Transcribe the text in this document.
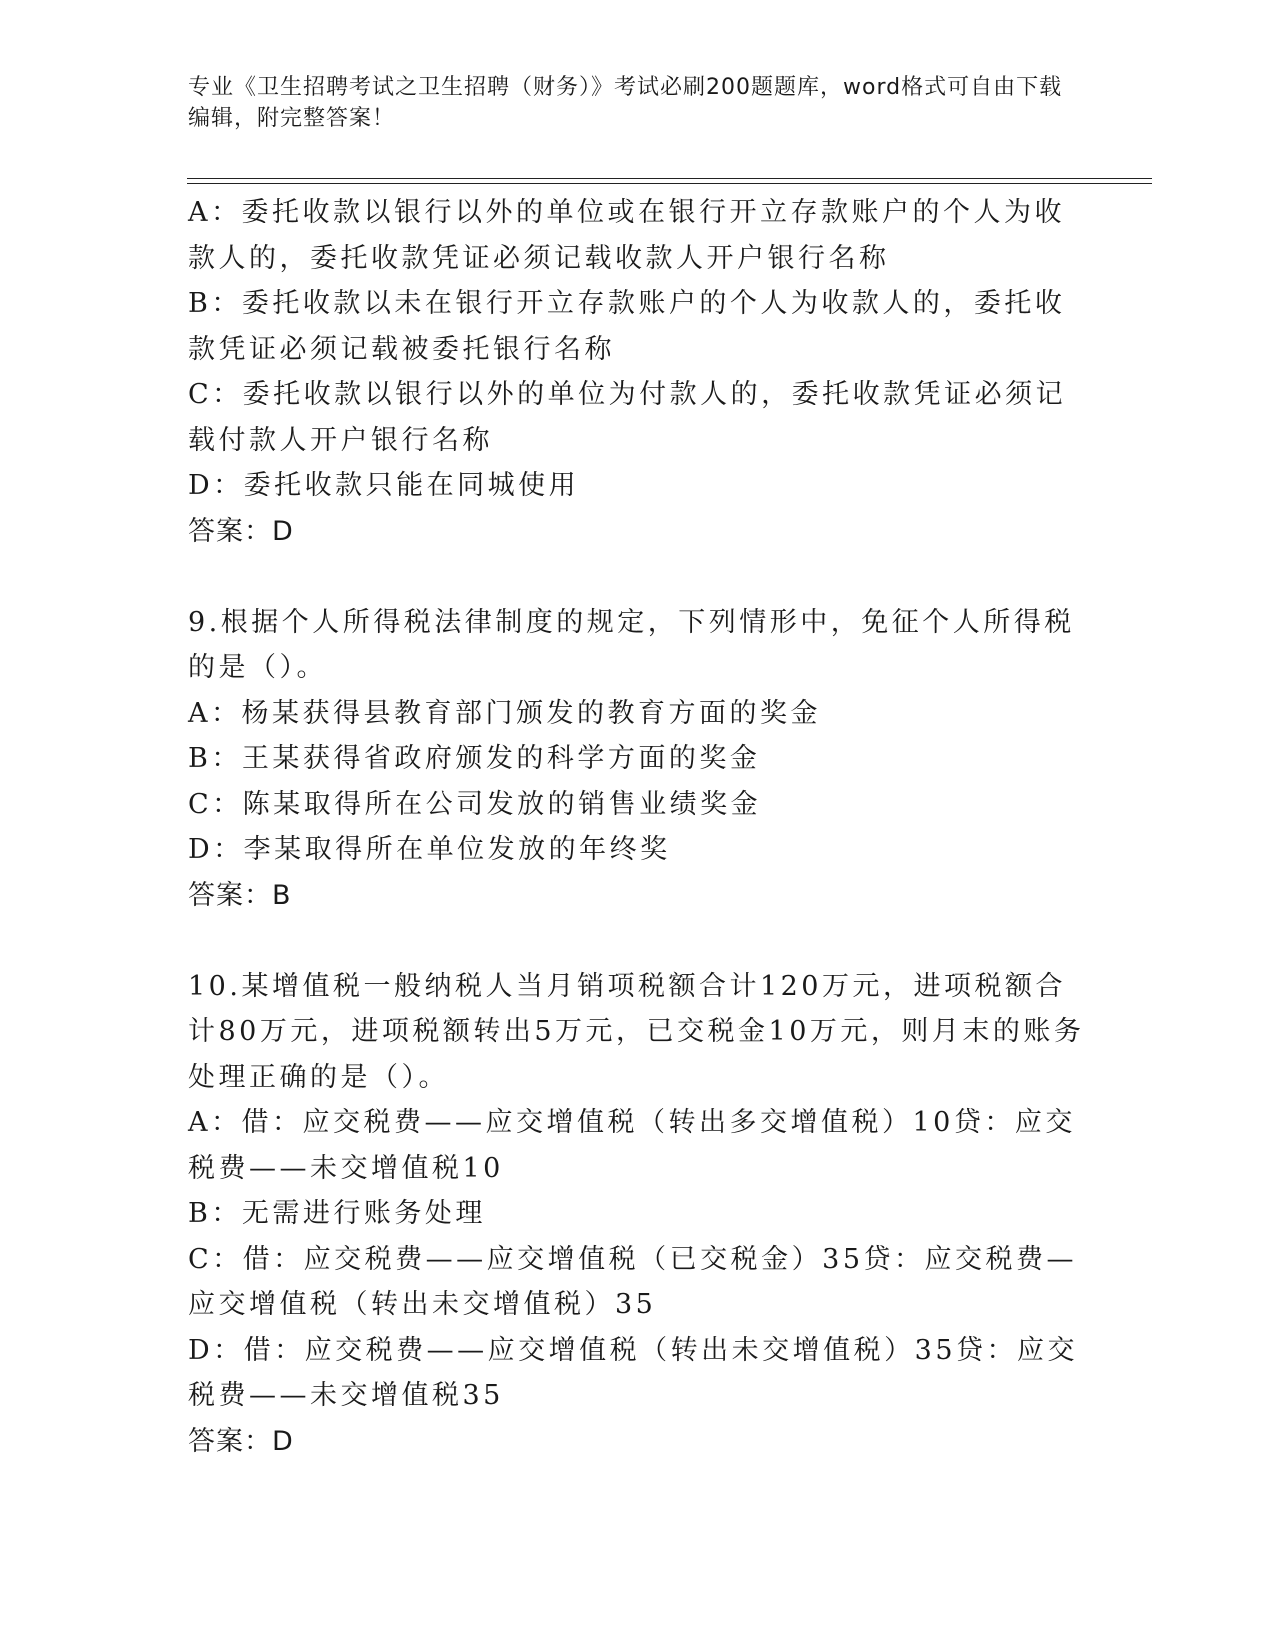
专业《卫生招聘考试之卫生招聘（财务）》考试必刷200题题库，word格式可自由下载编辑，附完整答案！
A：委托收款以银行以外的单位或在银行开立存款账户的个人为收款人的，委托收款凭证必须记载收款人开户银行名称
B：委托收款以未在银行开立存款账户的个人为收款人的，委托收款凭证必须记载被委托银行名称
C：委托收款以银行以外的单位为付款人的，委托收款凭证必须记载付款人开户银行名称
D：委托收款只能在同城使用
答案：D
9.根据个人所得税法律制度的规定，下列情形中，免征个人所得税的是（）。
A：杨某获得县教育部门颁发的教育方面的奖金
B：王某获得省政府颁发的科学方面的奖金
C：陈某取得所在公司发放的销售业绩奖金
D：李某取得所在单位发放的年终奖
答案：B
10.某增值税一般纳税人当月销项税额合计120万元，进项税额合计80万元，进项税额转出5万元，已交税金10万元，则月末的账务处理正确的是（）。
A：借：应交税费——应交增值税（转出多交增值税）10贷：应交税费——未交增值税10
B：无需进行账务处理
C：借：应交税费——应交增值税（已交税金）35贷：应交税费—应交增值税（转出未交增值税）35
D：借：应交税费——应交增值税（转出未交增值税）35贷：应交税费——未交增值税35
答案：D
